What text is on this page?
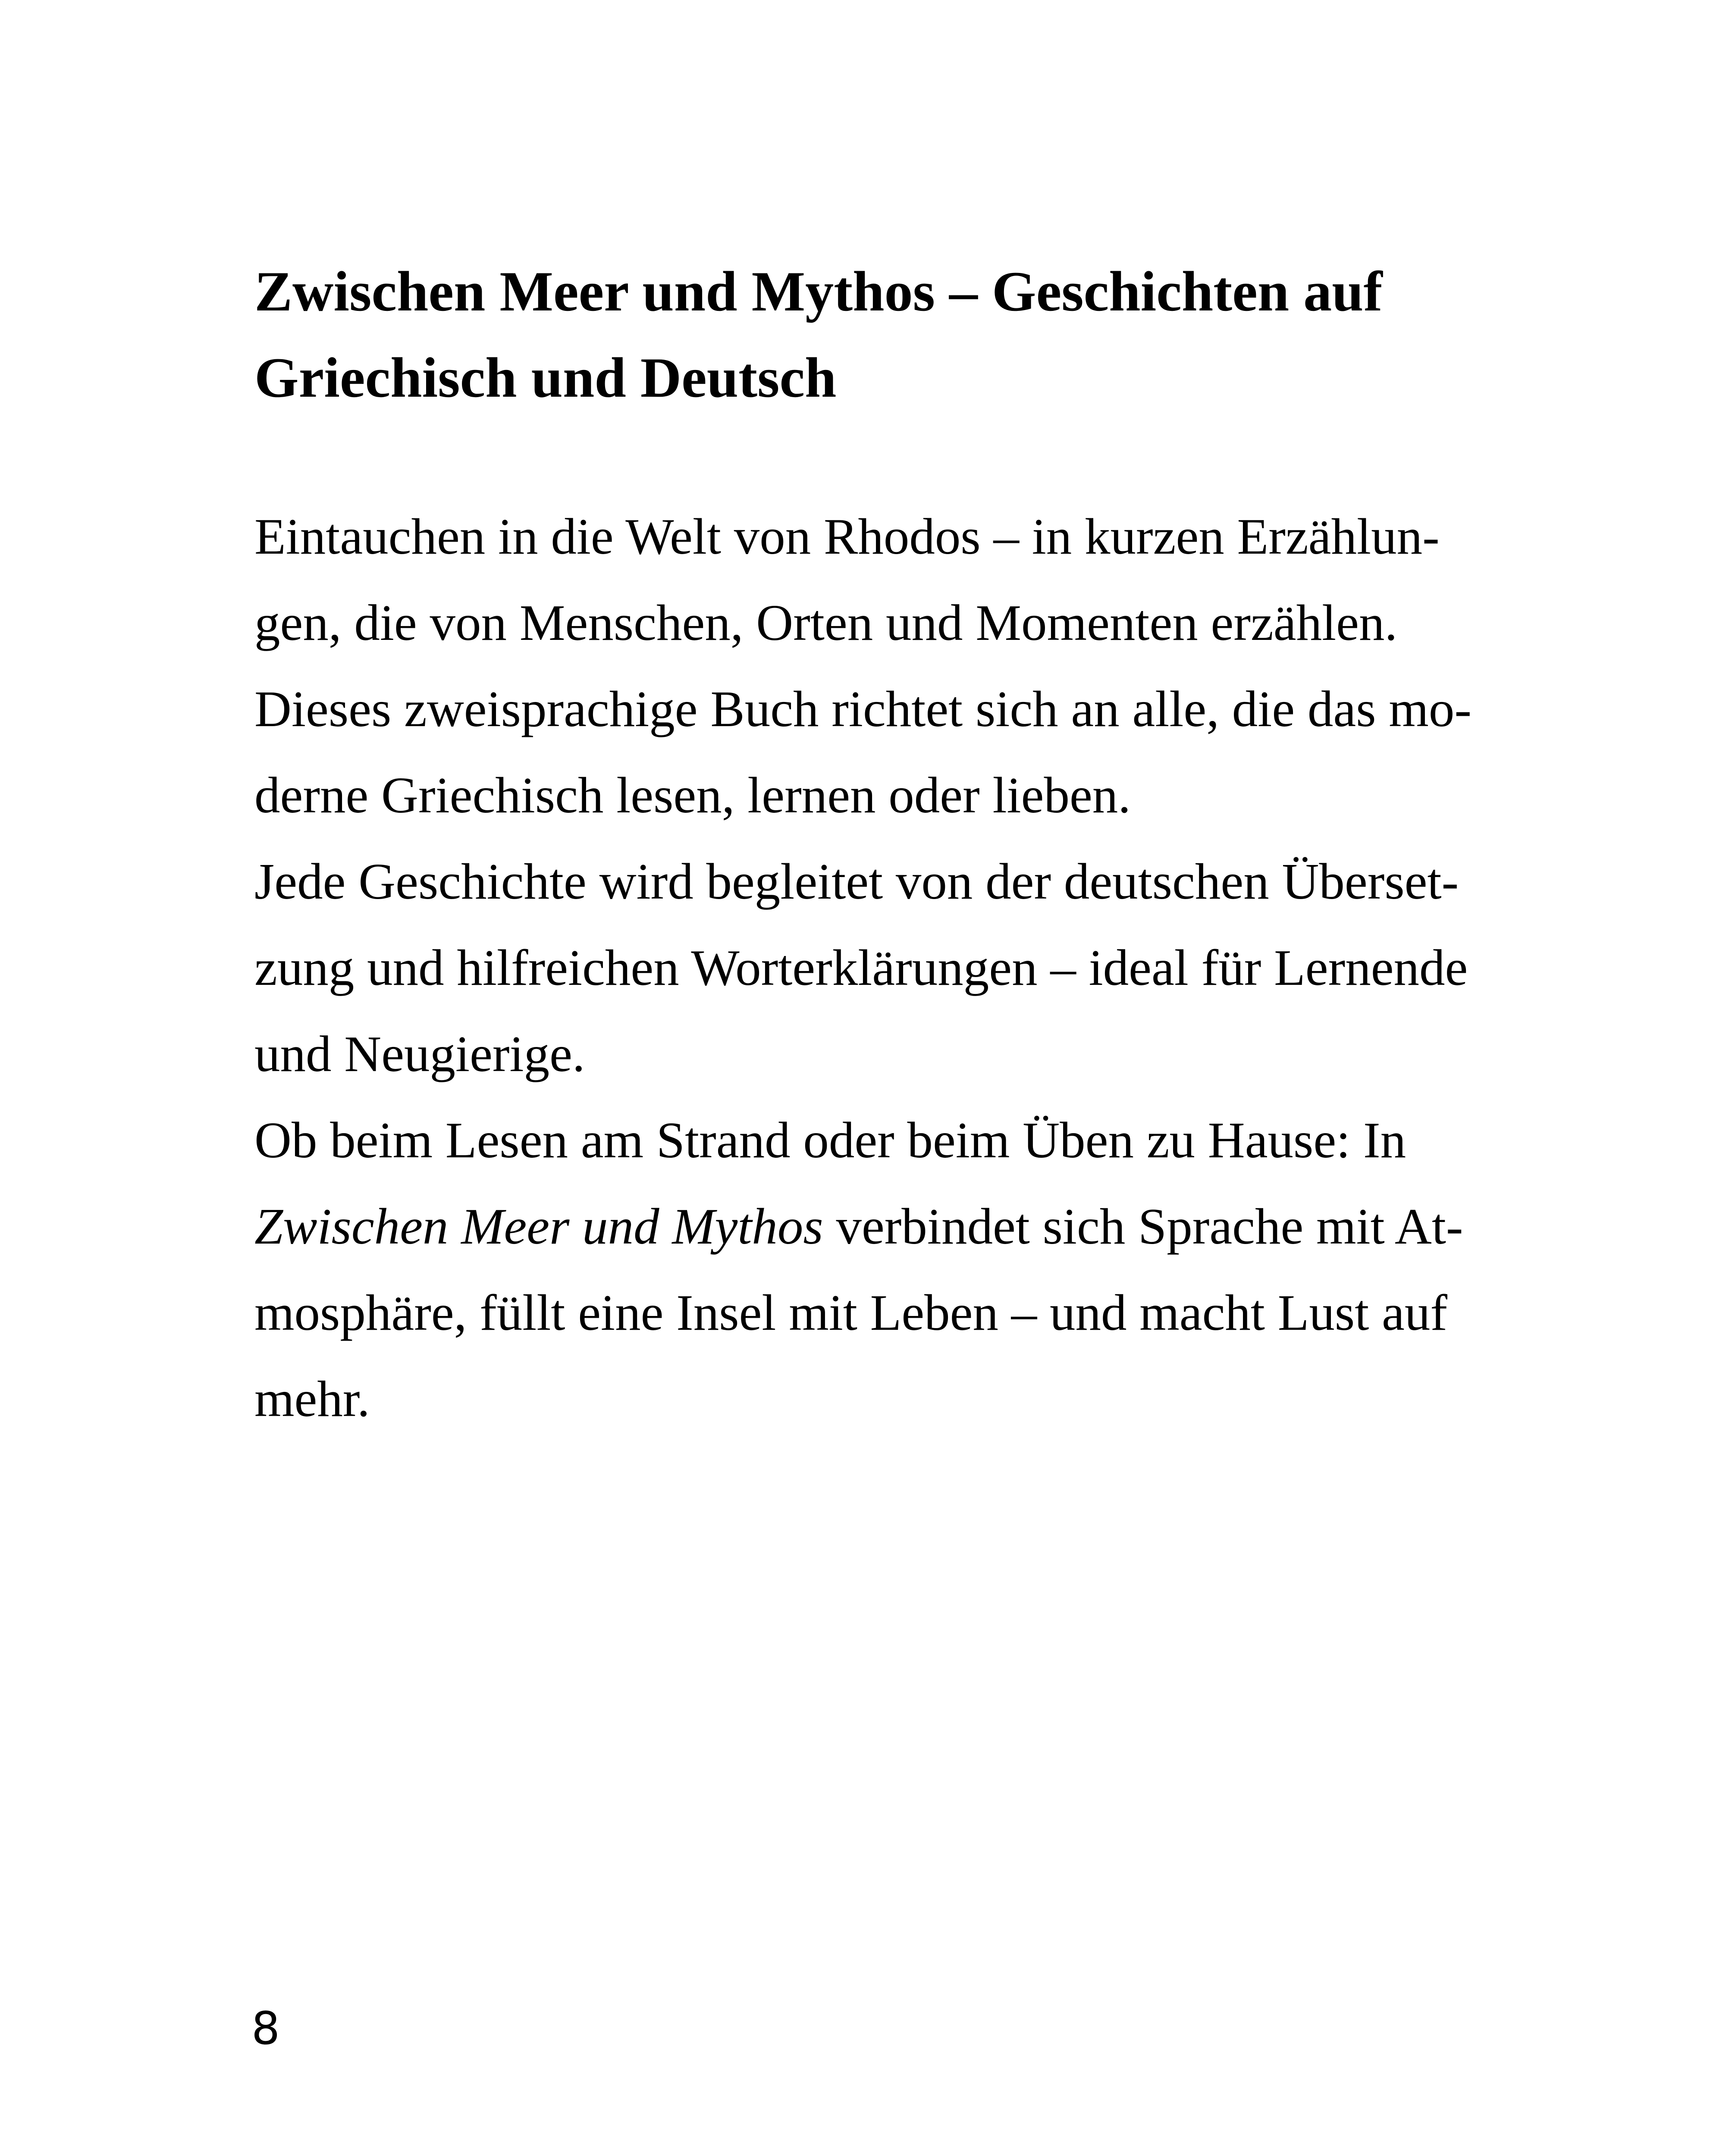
Zwischen Meer und Mythos – Geschichten auf
Griechisch und Deutsch

Eintauchen in die Welt von Rhodos – in kurzen Erzählun-

gen, die von Menschen, Orten und Momenten erzählen.

Dieses zweisprachige Buch richtet sich an alle, die das mo-

derne Griechisch lesen, lernen oder lieben.

Jede Geschichte wird begleitet von der deutschen Überset-

zung und hilfreichen Worterklärungen – ideal für Lernende

und Neugierige.

Ob beim Lesen am Strand oder beim Üben zu Hause: In

Zwischen Meer und Mythos verbindet sich Sprache mit At-

mosphäre, füllt eine Insel mit Leben – und macht Lust auf

mehr.

8
